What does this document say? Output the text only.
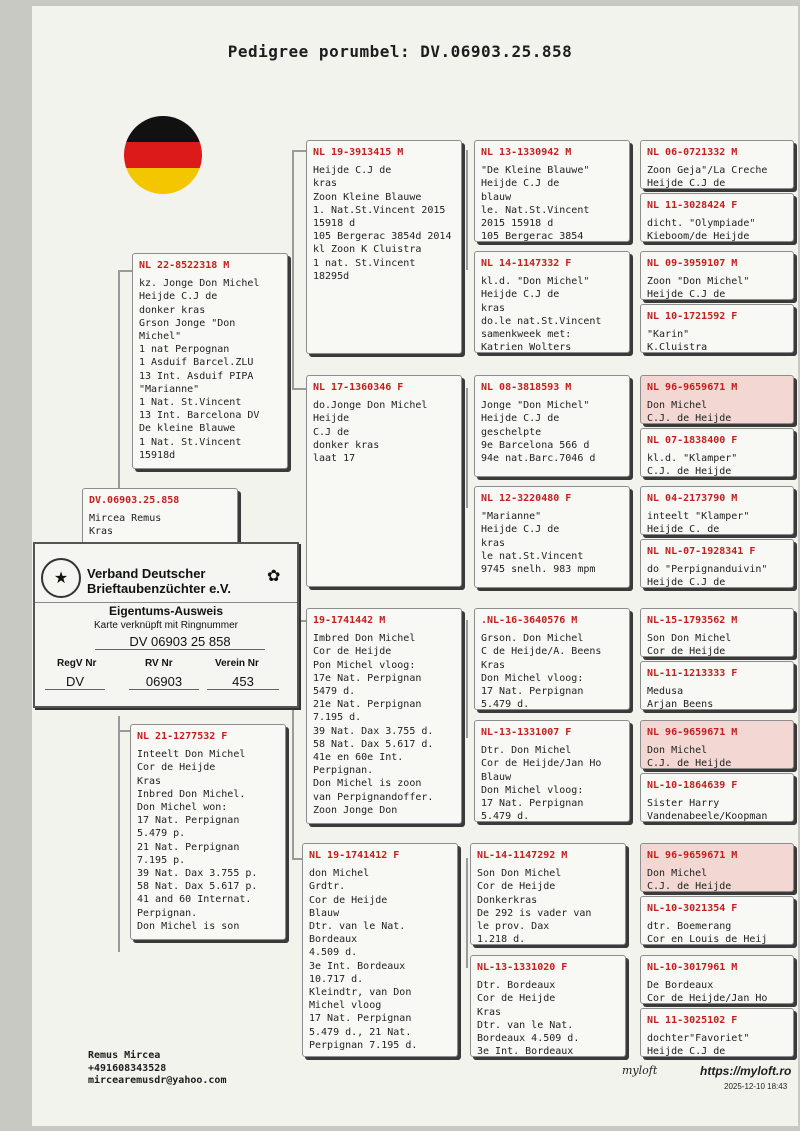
Pedigree porumbel: DV.06903.25.858
DV.06903.25.858
Mircea Remus
Kras
NL 22-8522318 M
kz. Jonge Don Michel
Heijde C.J de
donker kras
Grson Jonge "Don Michel"
1 nat Perpognan
1 Asduif Barcel.ZLU
13 Int. Asduif PIPA
"Marianne"
1 Nat. St.Vincent
13 Int. Barcelona DV
De kleine Blauwe
1 Nat. St.Vincent 15918d
NL 21-1277532 F
Inteelt Don Michel
Cor de Heijde
Kras
Inbred Don Michel.
Don Michel won:
17 Nat. Perpignan
5.479 p.
21 Nat. Perpignan
7.195 p.
39 Nat. Dax 3.755 p.
58 Nat. Dax 5.617 p.
41 and 60 Internat.
Perpignan.
Don Michel is son
NL 19-3913415 M
Heijde C.J de
kras
Zoon Kleine Blauwe
1. Nat.St.Vincent 2015
15918 d
105 Bergerac 3854d 2014
kl Zoon K Cluistra
1 nat. St.Vincent 18295d
NL 17-1360346 F
do.Jonge Don Michel
Heijde
C.J de
donker kras
laat 17
19-1741442 M
Imbred Don Michel
Cor de Heijde
Pon Michel vloog:
17e Nat. Perpignan
5479 d.
21e Nat. Perpignan
7.195 d.
39 Nat. Dax 3.755 d.
58 Nat. Dax 5.617 d.
41e en 60e Int.
Perpignan.
Don Michel is zoon
van Perpignandoffer.
Zoon Jonge Don
NL 19-1741412 F
don Michel
Grdtr.
Cor de Heijde
Blauw
Dtr. van le Nat.
Bordeaux
4.509 d.
3e Int. Bordeaux
10.717 d.
Kleindtr, van Don
Michel vloog
17 Nat. Perpignan
5.479 d., 21 Nat.
Perpignan 7.195 d.
NL 13-1330942 M
"De Kleine Blauwe"
Heijde C.J de
blauw
le. Nat.St.Vincent
2015 15918 d
105 Bergerac 3854
NL 14-1147332 F
kl.d. "Don Michel"
Heijde C.J de
kras
do.le nat.St.Vincent
samenkweek met:
Katrien Wolters
NL 08-3818593 M
Jonge "Don Michel"
Heijde C.J de
geschelpte
9e Barcelona 566 d
94e nat.Barc.7046 d
NL 12-3220480 F
"Marianne"
Heijde C.J de
kras
le nat.St.Vincent
9745 snelh. 983 mpm
.NL-16-3640576 M
Grson. Don Michel
C de Heijde/A. Beens
Kras
Don Michel vloog:
17 Nat. Perpignan
5.479 d.
NL-13-1331007 F
Dtr. Don Michel
Cor de Heijde/Jan Ho
Blauw
Don Michel vloog:
17 Nat. Perpignan
5.479 d.
NL-14-1147292 M
Son Don Michel
Cor de Heijde
Donkerkras
De 292 is vader van
le prov. Dax
1.218 d.
NL-13-1331020 F
Dtr. Bordeaux
Cor de Heijde
Kras
Dtr. van le Nat.
Bordeaux 4.509 d.
3e Int. Bordeaux
NL 06-0721332 M
Zoon Geja"/La Creche
Heijde C.J de
NL 11-3028424 F
dicht. "Olympiade"
Kieboom/de Heijde
NL 09-3959107 M
Zoon "Don Michel"
Heijde C.J de
NL 10-1721592 F
"Karin"
K.Cluistra
NL 96-9659671 M
Don Michel
C.J. de Heijde
NL 07-1838400 F
kl.d. "Klamper"
C.J. de Heijde
NL 04-2173790 M
inteelt "Klamper"
Heijde C. de
NL NL-07-1928341 F
do "Perpignanduivin"
Heijde C.J de
NL-15-1793562 M
Son Don Michel
Cor de Heijde
NL-11-1213333 F
Medusa
Arjan Beens
NL 96-9659671 M
Don Michel
C.J. de Heijde
NL-10-1864639 F
Sister Harry
Vandenabeele/Koopman
NL 96-9659671 M
Don Michel
C.J. de Heijde
NL-10-3021354 F
dtr. Boemerang
Cor en Louis de Heij
NL-10-3017961 M
De Bordeaux
Cor de Heijde/Jan Ho
NL 11-3025102 F
dochter"Favoriet"
Heijde C.J de
★	Verband Deutscher
Brieftaubenzüchter e.V.
✿
Eigentums-Ausweis
Karte verknüpft mit Ringnummer
DV 06903 25 858
RegV Nr	RV Nr	Verein Nr
DV	06903	453
Remus Mircea
+491608343528
mircearemusdr@yahoo.com
myloft	https://myloft.ro
2025-12-10 18:43
